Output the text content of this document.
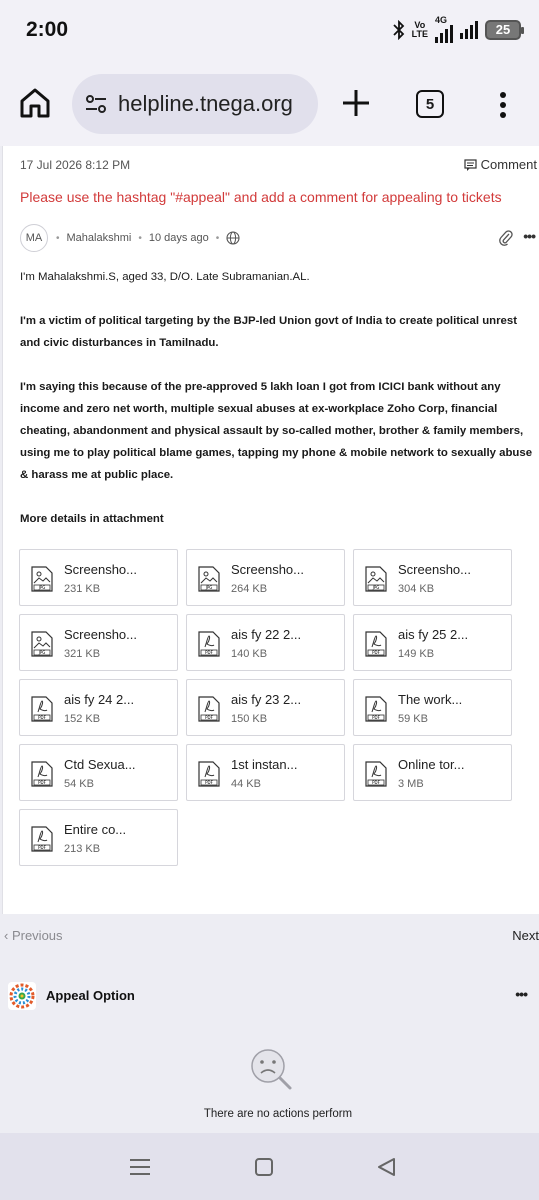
2:00	Vo
LTE
4G
25
helpline.tnega.org	5
17 Jul 2026 8:12 PM	Comment
Please use the hashtag "#appeal" and add a comment for appealing to tickets
MA	• Mahalakshmi • 10 days ago •	•••

I'm Mahalakshmi.S, aged 33, D/O. Late Subramanian.AL.

I'm a victim of political targeting by the BJP-led Union govt of India to create political unrest and civic disturbances in Tamilnadu.

I'm saying this because of the pre-approved 5 lakh loan I got from ICICI bank without any income and zero net worth, multiple sexual abuses at ex-workplace Zoho Corp, financial cheating, abandonment and physical assault by so-called mother, brother & family members, using me to play political blame games, tapping my phone & mobile network to sexually abuse & harass me at public place.

More details in attachment

JPG
Screensho...
231 KB	JPG
Screensho...
264 KB	JPG
Screensho...
304 KB
JPG
Screensho...
321 KB	PDF
ais fy 22 2...
140 KB	PDF
ais fy 25 2...
149 KB
PDF
ais fy 24 2...
152 KB	PDF
ais fy 23 2...
150 KB	PDF
The work...
59 KB
PDF
Ctd Sexua...
54 KB	PDF
1st instan...
44 KB	PDF
Online tor...
3 MB
PDF
Entire co...
213 KB
‹ Previous	Next
Appeal Option	•••
There are no actions perform
